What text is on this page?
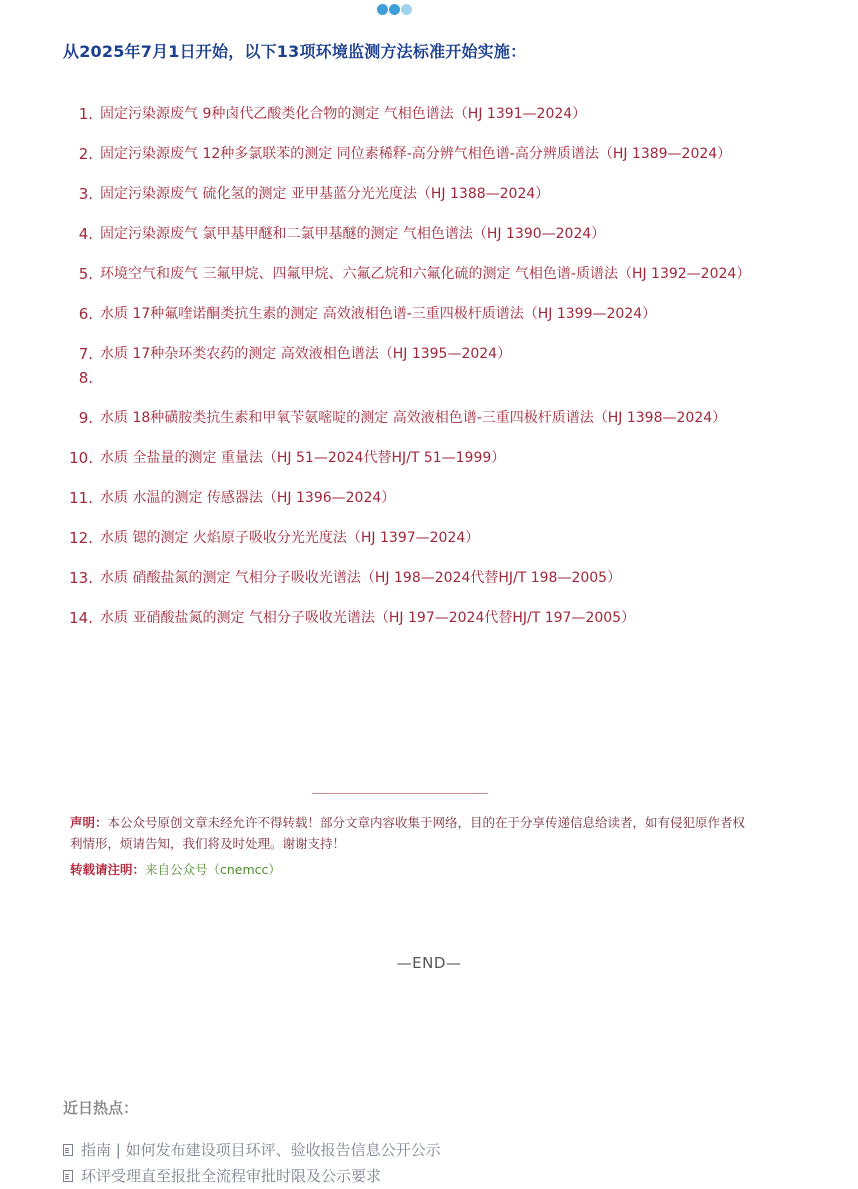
从2025年7月1日开始，以下13项环境监测方法标准开始实施：
1. 固定污染源废气 9种卤代乙酸类化合物的测定 气相色谱法（HJ 1391—2024）
2. 固定污染源废气 12种多氯联苯的测定 同位素稀释-高分辨气相色谱-高分辨质谱法（HJ 1389—2024）
3. 固定污染源废气 硫化氢的测定 亚甲基蓝分光光度法（HJ 1388—2024）
4. 固定污染源废气 氯甲基甲醚和二氯甲基醚的测定 气相色谱法（HJ 1390—2024）
5. 环境空气和废气 三氟甲烷、四氟甲烷、六氟乙烷和六氟化硫的测定 气相色谱-质谱法（HJ 1392—2024）
6. 水质 17种氟喹诺酮类抗生素的测定 高效液相色谱-三重四极杆质谱法（HJ 1399—2024）
7. 水质 17种杂环类农药的测定 高效液相色谱法（HJ 1395—2024）
8.
9. 水质 18种磺胺类抗生素和甲氧苄氨嘧啶的测定 高效液相色谱-三重四极杆质谱法（HJ 1398—2024）
10. 水质 全盐量的测定 重量法（HJ 51—2024代替HJ/T 51—1999）
11. 水质 水温的测定 传感器法（HJ 1396—2024）
12. 水质 锶的测定 火焰原子吸收分光光度法（HJ 1397—2024）
13. 水质 硝酸盐氮的测定 气相分子吸收光谱法（HJ 198—2024代替HJ/T 198—2005）
14. 水质 亚硝酸盐氮的测定 气相分子吸收光谱法（HJ 197—2024代替HJ/T 197—2005）

声明：本公众号原创文章未经允许不得转载！部分文章内容收集于网络，目的在于分享传递信息给读者，如有侵犯原作者权利情形，烦请告知，我们将及时处理。谢谢支持！

转载请注明：来自公众号（cnemcc）

—END—
近日热点：
指南 | 如何发布建设项目环评、验收报告信息公开公示
环评受理直至报批全流程审批时限及公示要求
